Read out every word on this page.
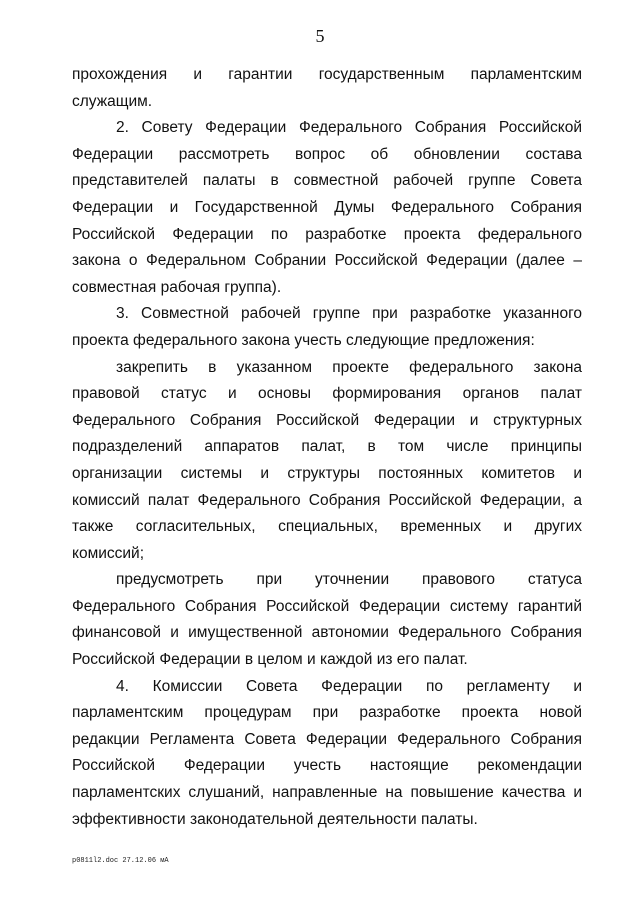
5
прохождения и гарантии государственным парламентским
служащим.
2. Совету Федерации Федерального Собрания Российской
Федерации рассмотреть вопрос об обновлении состава
представителей палаты в совместной рабочей группе Совета
Федерации и Государственной Думы Федерального Собрания
Российской Федерации по разработке проекта федерального
закона о Федеральном Собрании Российской Федерации (далее –
совместная рабочая группа).
3. Совместной рабочей группе при разработке указанного
проекта федерального закона учесть следующие предложения:
закрепить в указанном проекте федерального закона
правовой статус и основы формирования органов палат
Федерального Собрания Российской Федерации и структурных
подразделений аппаратов палат, в том числе принципы
организации системы и структуры постоянных комитетов и
комиссий палат Федерального Собрания Российской Федерации, а
также согласительных, специальных, временных и других
комиссий;
предусмотреть при уточнении правового статуса
Федерального Собрания Российской Федерации систему гарантий
финансовой и имущественной автономии Федерального Собрания
Российской Федерации в целом и каждой из его палат.
4. Комиссии Совета Федерации по регламенту и
парламентским процедурам при разработке проекта новой
редакции Регламента Совета Федерации Федерального Собрания
Российской Федерации учесть настоящие рекомендации
парламентских слушаний, направленные на повышение качества и
эффективности законодательной деятельности палаты.
p0811l2.doc 27.12.06 мА
